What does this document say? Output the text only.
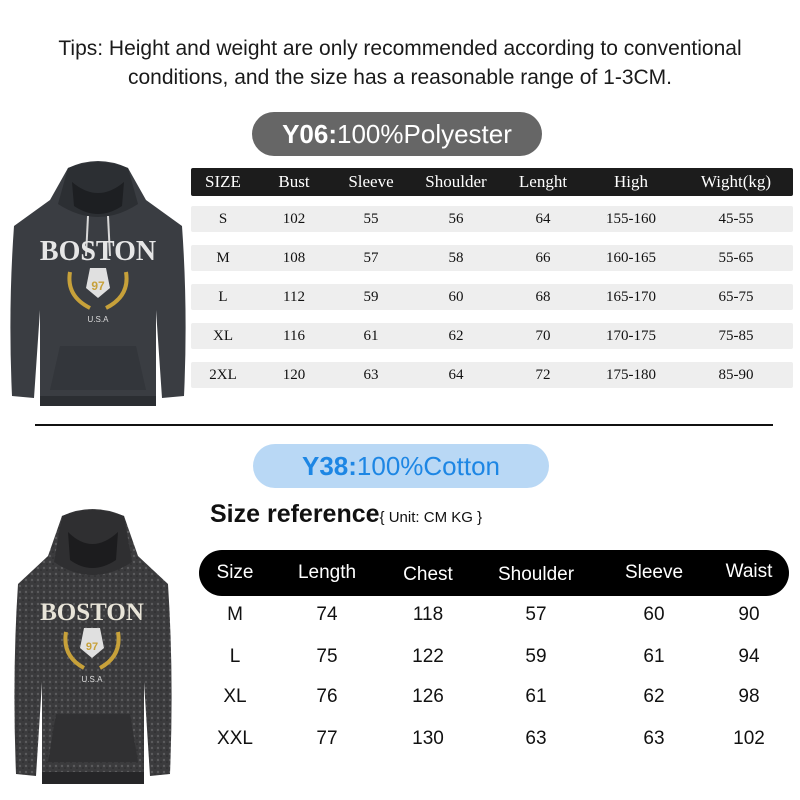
Tips: Height and weight are only recommended according to conventional
conditions, and the size has a reasonable range of 1-3CM.
Y06:100%Polyester
BOSTON
97
U.S.A
SIZE	Bust	Sleeve	Shoulder	Lenght	High	Wight(kg)
S	102	55	56	64	155-160	45-55
M	108	57	58	66	160-165	55-65
L	112	59	60	68	165-170	65-75
XL	116	61	62	70	170-175	75-85
2XL	120	63	64	72	175-180	85-90
Y38:100%Cotton
Size reference{ Unit: CM KG }
BOSTON
97
U.S.A
Size	Length	Chest	Shoulder	Sleeve	Waist
M	74	118	57	60	90
L	75	122	59	61	94
XL	76	126	61	62	98
XXL	77	130	63	63	102
